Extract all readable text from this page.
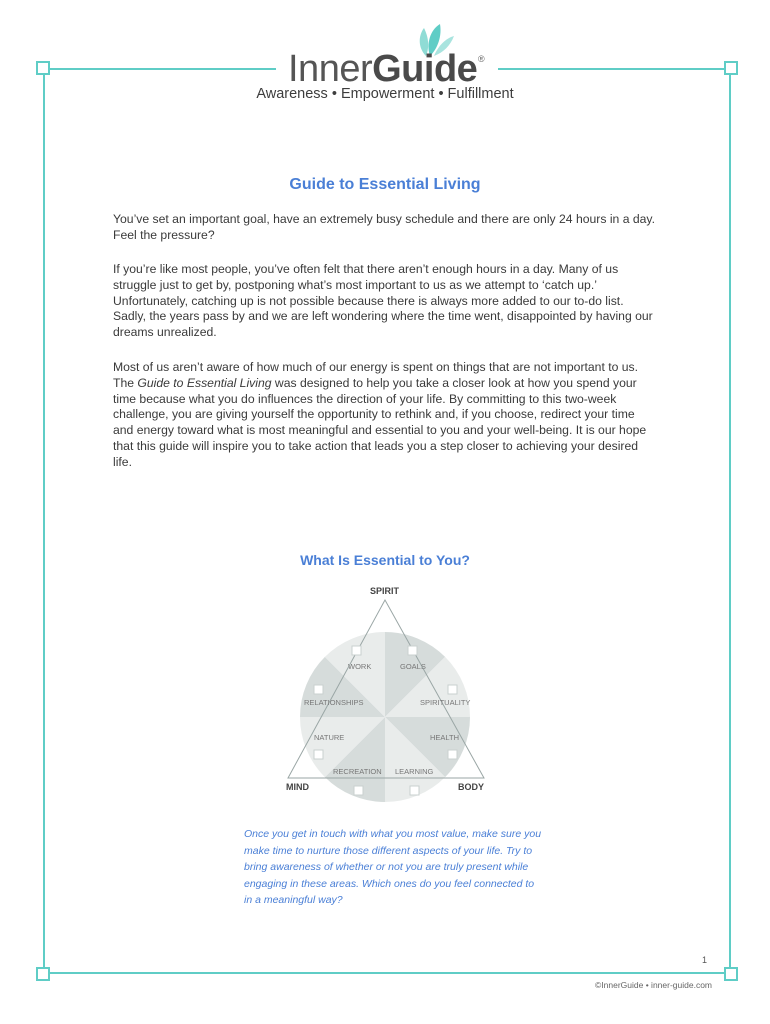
InnerGuide ®
Awareness • Empowerment • Fulfillment
Guide to Essential Living

You’ve set an important goal, have an extremely busy schedule and there are only 24 hours in a day. Feel the pressure?

If you’re like most people, you’ve often felt that there aren’t enough hours in a day. Many of us struggle just to get by, postponing what’s most important to us as we attempt to ‘catch up.’ Unfortunately, catching up is not possible because there is always more added to our to-do list. Sadly, the years pass by and we are left wondering where the time went, disappointed by having our dreams unrealized.

Most of us aren’t aware of how much of our energy is spent on things that are not important to us. The Guide to Essential Living was designed to help you take a closer look at how you spend your time because what you do influences the direction of your life. By committing to this two-week challenge, you are giving yourself the opportunity to rethink and, if you choose, redirect your time and energy toward what is most meaningful and essential to you and your well-being. It is our hope that this guide will inspire you to take action that leads you a step closer to achieving your desired life.

What Is Essential to You?
SPIRIT
MIND	BODY
WORK	GOALS
RELATIONSHIPS	SPIRITUALITY
NATURE	HEALTH
RECREATION LEARNING

Once you get in touch with what you most value, make sure you make time to nurture those different aspects of your life. Try to bring awareness of whether or not you are truly present while engaging in these areas. Which ones do you feel connected to in a meaningful way?

1
©InnerGuide • inner-guide.com
